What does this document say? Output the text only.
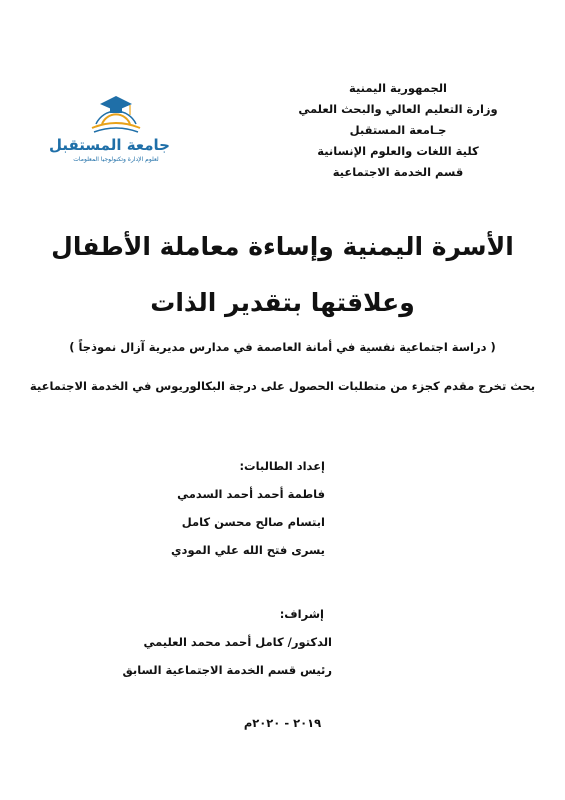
الجمهورية اليمنية
وزارة التعليم العالي والبحث العلمي
جـامعة المستقبل
كلية اللغات والعلوم الإنسانية
قسم الخدمة الاجتماعية
جامعة المستقبل
لعلوم الإدارة وتكنولوجيا المعلومات
الأسرة اليمنية وإساءة معاملة الأطفال
وعلاقتها بتقدير الذات
( دراسة اجتماعية نفسية في أمانة العاصمة في مدارس مديرية آزال نموذجاً )
بحث تخرج مقدم كجزء من متطلبات الحصول على درجة البكالوريوس في الخدمة الاجتماعية
إعداد الطالبات:
فاطمة أحمد أحمد السدمي
ابتسام صالح محسن كامل
يسرى فتح الله علي المودي
إشراف:
الدكتور/ كامل أحمد محمد العليمي
رئيس قسم الخدمة الاجتماعية السابق
٢٠١٩ - ٢٠٢٠م
